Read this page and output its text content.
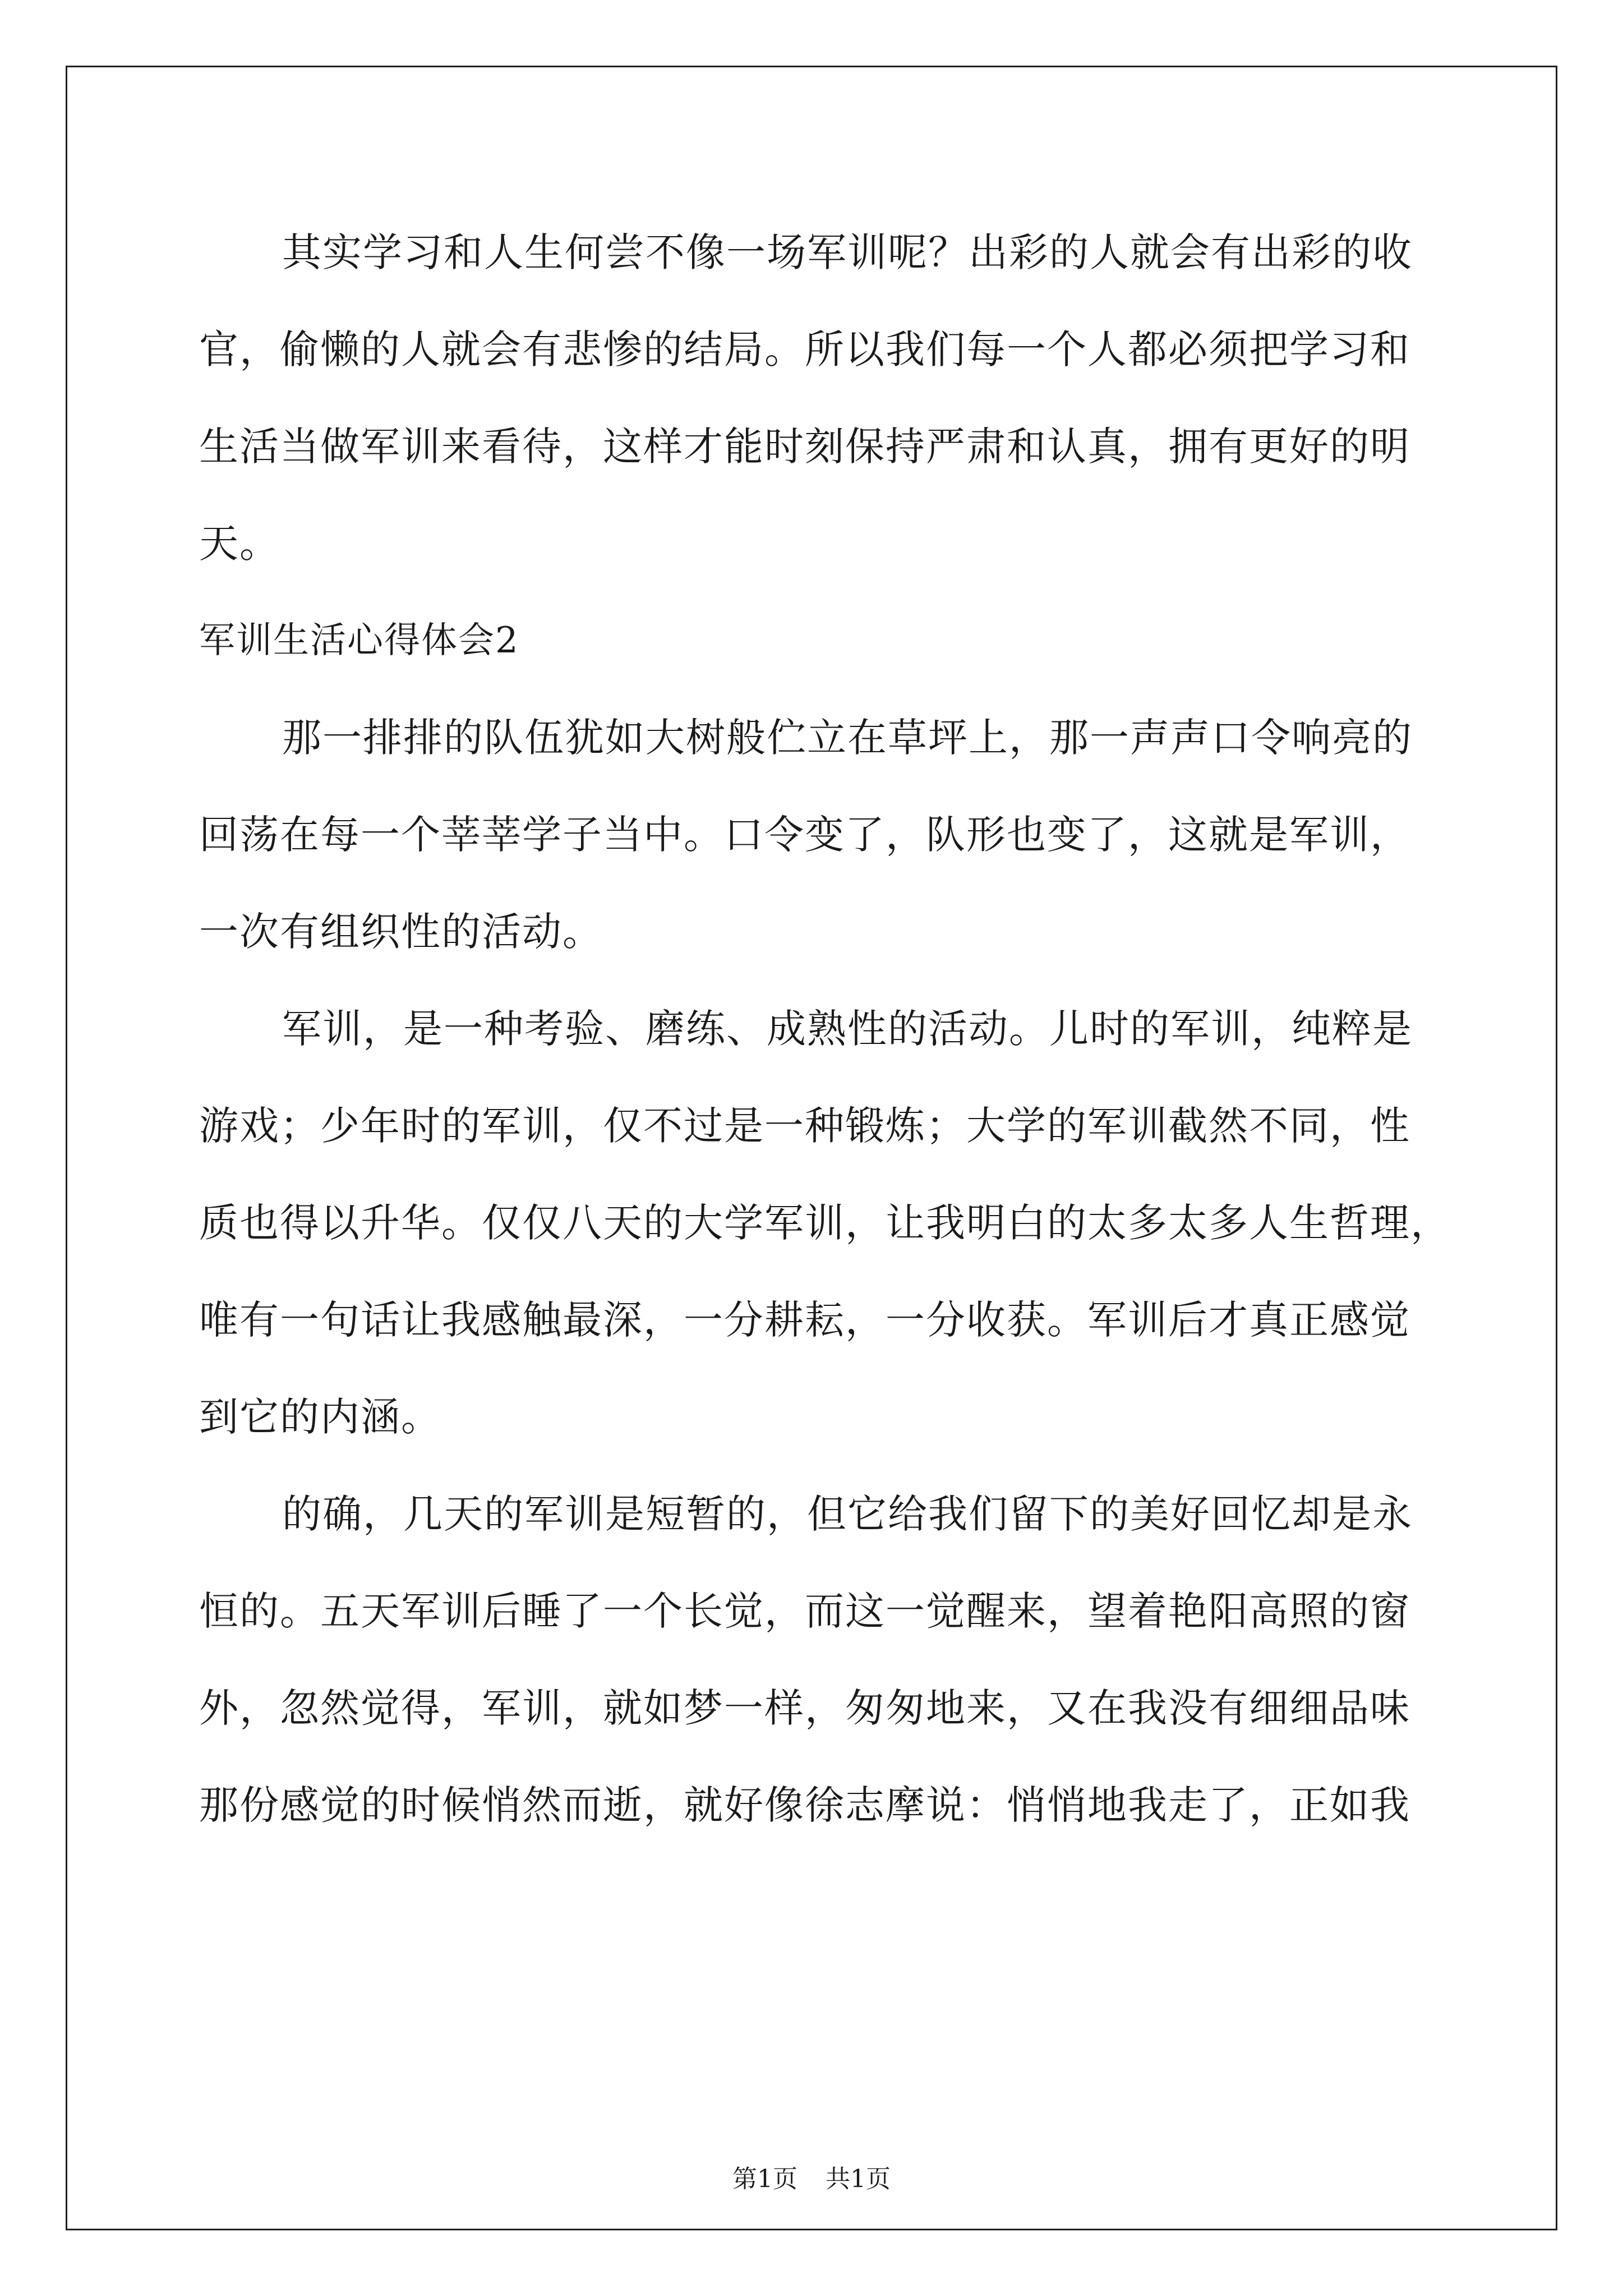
其实学习和人生何尝不像一场军训呢？出彩的人就会有出彩的收
官，偷懒的人就会有悲惨的结局。所以我们每一个人都必须把学习和
生活当做军训来看待，这样才能时刻保持严肃和认真，拥有更好的明
天。
军训生活心得体会2
那一排排的队伍犹如大树般伫立在草坪上，那一声声口令响亮的
回荡在每一个莘莘学子当中。口令变了，队形也变了，这就是军训，
一次有组织性的活动。
军训，是一种考验、磨练、成熟性的活动。儿时的军训，纯粹是
游戏；少年时的军训，仅不过是一种锻炼；大学的军训截然不同，性
质也得以升华。仅仅八天的大学军训，让我明白的太多太多人生哲理，
唯有一句话让我感触最深，一分耕耘，一分收获。军训后才真正感觉
到它的内涵。
的确，几天的军训是短暂的，但它给我们留下的美好回忆却是永
恒的。五天军训后睡了一个长觉，而这一觉醒来，望着艳阳高照的窗
外，忽然觉得，军训，就如梦一样，匆匆地来，又在我没有细细品味
那份感觉的时候悄然而逝，就好像徐志摩说：悄悄地我走了，正如我
第1页 共1页
